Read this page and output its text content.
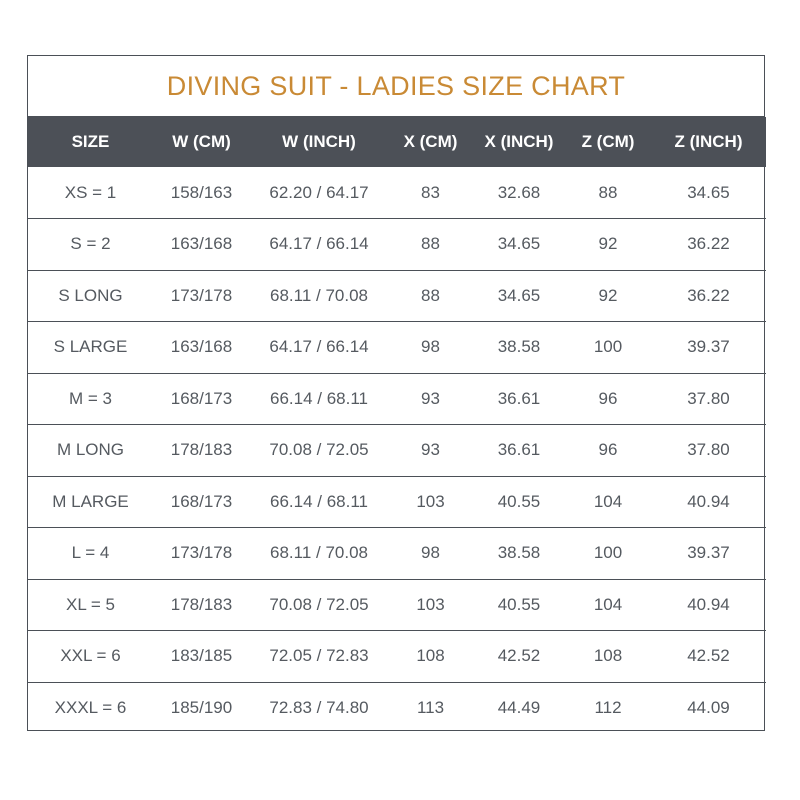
DIVING SUIT - LADIES SIZE CHART
SIZE	W (CM)	W (INCH)	X (CM)	X (INCH)	Z (CM)	Z (INCH)
XS = 1	158/163	62.20 / 64.17	83	32.68	88	34.65
S = 2	163/168	64.17 / 66.14	88	34.65	92	36.22
S LONG	173/178	68.11 / 70.08	88	34.65	92	36.22
S LARGE	163/168	64.17 / 66.14	98	38.58	100	39.37
M = 3	168/173	66.14 / 68.11	93	36.61	96	37.80
M LONG	178/183	70.08 / 72.05	93	36.61	96	37.80
M LARGE	168/173	66.14 / 68.11	103	40.55	104	40.94
L = 4	173/178	68.11 / 70.08	98	38.58	100	39.37
XL = 5	178/183	70.08 / 72.05	103	40.55	104	40.94
XXL = 6	183/185	72.05 / 72.83	108	42.52	108	42.52
XXXL = 6	185/190	72.83 / 74.80	113	44.49	112	44.09
